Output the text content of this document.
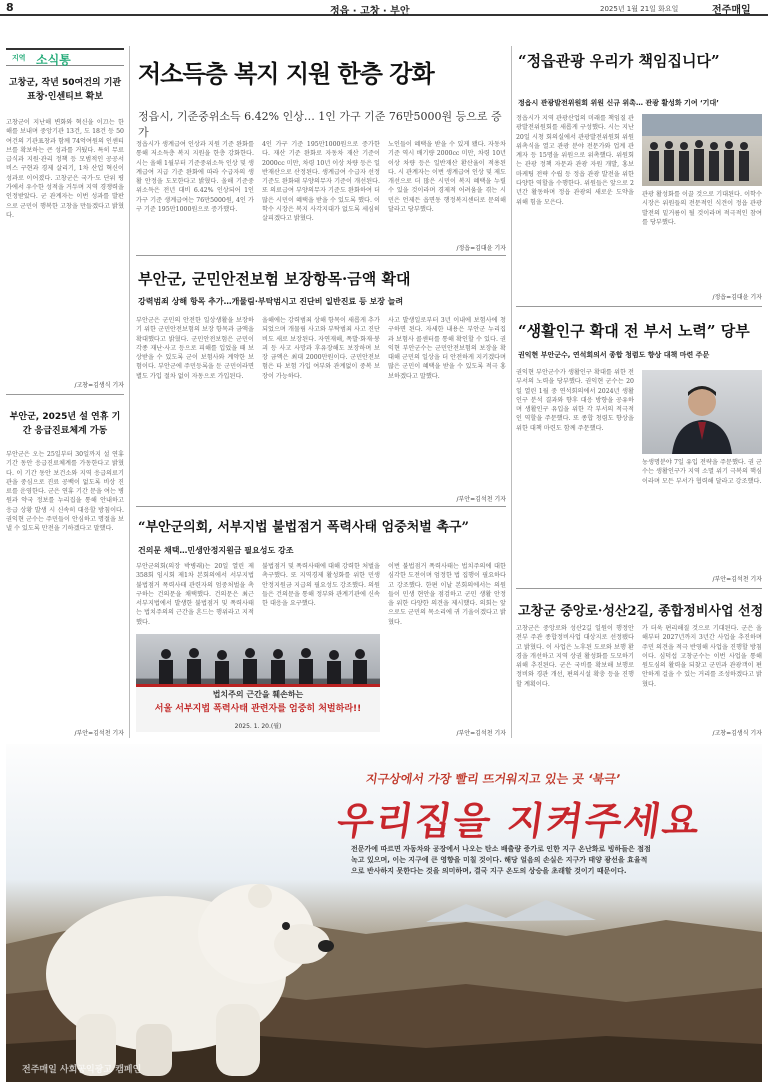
8	정읍 · 고창 · 부안	2025년 1월 21일 화요일	전주매일
지역 소식통
고창군, 작년 50여건의 기관표창·인센티브 확보
고창군이 지난해 변화와 혁신을 이끄는 한 해를 보내며 중앙기관 13건, 도 18건 등 50여건의 기관표창과 함께 74억여원의 인센티브를 확보하는 큰 성과를 거뒀다. 특히 무료급식과 지원·관리 정책 등 모범적인 공공서비스 구현과 경제 살리기, 1차 산업 혁신이 성과로 이어졌다. 고창군은 국가·도 단위 평가에서 우수한 성적을 거두며 지역 경쟁력을 인정받았다. 군 관계자는 이번 성과를 발판으로 군민이 행복한 고창을 만들겠다고 밝혔다.
/고창=김생식 기자
부안군, 2025년 설 연휴 기간 응급진료체계 가동
부안군은 오는 25일부터 30일까지 설 연휴 기간 동안 응급진료체계를 가동한다고 밝혔다. 이 기간 동안 보건소와 지역 응급의료기관을 중심으로 진료 공백이 없도록 비상 진료를 운영한다. 군은 연휴 기간 문을 여는 병원과 약국 정보를 누리집을 통해 안내하고 응급 상황 발생 시 신속히 대응할 방침이다. 권익현 군수는 주민들이 안심하고 명절을 보낼 수 있도록 만전을 기하겠다고 말했다.
/부안=김석천 기자
저소득층 복지 지원 한층 강화
정읍시, 기준중위소득 6.42% 인상… 1인 가구 기준 76만5000원 등으로 증가
정읍시가 생계급여 인상과 지원 기준 완화를 통해 저소득층 복지 지원을 한층 강화한다. 시는 올해 1월부터 기준중위소득 인상 및 생계급여 지급 기준 완화에 따라 수급자의 생활 안정을 도모한다고 밝혔다. 올해 기준중위소득은 전년 대비 6.42% 인상되어 1인 가구 기준 생계급여는 76만5000원, 4인 가구 기준 195만1000원으로 증가했다.
4인 가구 기준 195만1000원으로 증가한다. 재산 기준 완화로 자동차 재산 기준이 2000cc 미만, 차령 10년 이상 차량 등은 일반재산으로 산정된다. 생계급여 수급자 선정 기준도 완화돼 부양의무자 기준이 개선된다. 또 의료급여 부양의무자 기준도 완화하여 더 많은 시민이 혜택을 받을 수 있도록 했다. 이학수 시장은 복지 사각지대가 없도록 세심히 살피겠다고 밝혔다.
노인들이 혜택을 받을 수 있게 됐다. 자동차 기준 역시 배기량 2000cc 미만, 차령 10년 이상 차량 등은 일반재산 환산율이 적용된다. 시 관계자는 이번 생계급여 인상 및 제도 개선으로 더 많은 시민이 복지 혜택을 누릴 수 있을 것이라며 경제적 어려움을 겪는 시민은 언제든 읍면동 행정복지센터로 문의해 달라고 당부했다.
/정읍=김대윤 기자
부안군, 군민안전보험 보장항목·금액 확대
강력범죄 상해 항목 추가…개물림·부탁범시고 진단비 일반진료 등 보장 늘려
부안군은 군민의 안전한 일상생활을 보장하기 위한 군민안전보험의 보장 항목과 금액을 확대했다고 밝혔다. 군민안전보험은 군민이 각종 재난·사고 등으로 피해를 입었을 때 보상받을 수 있도록 군이 보험사와 계약한 보험이다. 부안군에 주민등록을 둔 군민이라면 별도 가입 절차 없이 자동으로 가입된다.
올해에는 강력범죄 상해 항목이 새롭게 추가되었으며 개물림 사고와 부탁범죄 사고 진단비도 새로 보장된다. 자연재해, 폭발·화재·붕괴 등 사고 사망과 후유장해도 보장하며 보장 금액은 최대 2000만원이다. 군민안전보험은 타 보험 가입 여부와 관계없이 중복 보장이 가능하다.
사고 발생일로부터 3년 이내에 보험사에 청구하면 된다. 자세한 내용은 부안군 누리집과 보험사 콜센터를 통해 확인할 수 있다. 권익현 부안군수는 군민안전보험의 보장을 확대해 군민의 일상을 더 안전하게 지키겠다며 많은 군민이 혜택을 받을 수 있도록 적극 홍보하겠다고 말했다.
/부안=김석천 기자
“부안군의회, 서부지법 불법점거 폭력사태 엄중처벌 촉구”
건의문 채택…민생안정지원금 필요성도 강조
부안군의회(의장 박병래)는 20일 열린 제358회 임시회 제1차 본회의에서 서부지법 불법점거 폭력사태 관련자의 엄중처벌을 촉구하는 건의문을 채택했다. 건의문은 최근 서부지법에서 발생한 불법점거 및 폭력사태는 법치주의의 근간을 흔드는 행위라고 지적했다.
불법점거 및 폭력사태에 대해 강력한 처벌을 촉구했다. 또 지역경제 활성화를 위한 민생안정지원금 지급의 필요성도 강조했다. 의원들은 건의문을 통해 정부와 관계기관에 신속한 대응을 요구했다.
이번 불법점거 폭력사태는 법치주의에 대한 심각한 도전이며 엄정한 법 집행이 필요하다고 강조했다. 한편 이날 본회의에서는 의원들이 민생 현안을 점검하고 군민 생활 안정을 위한 다양한 의견을 제시했다. 의회는 앞으로도 군민의 목소리에 귀 기울이겠다고 밝혔다.
/부안=김석천 기자
법치주의 근간을 훼손하는
서울 서부지법 폭력사태 관련자를 엄중히 처벌하라!!
2025. 1. 20.(월)
“정읍관광 우리가 책임집니다”
정읍시 관광발전위원회 위원 신규 위촉… 관광 활성화 기여 ‘기대’
정읍시가 지역 관광산업의 미래를 책임질 관광발전위원회를 새롭게 구성했다. 시는 지난 20일 시청 회의실에서 관광발전위원회 위원 위촉식을 열고 관광 분야 전문가와 업계 관계자 등 15명을 위원으로 위촉했다. 위원회는 관광 정책 자문과 관광 자원 개발, 홍보 마케팅 전략 수립 등 정읍 관광 발전을 위한 다양한 역할을 수행한다. 위원들은 앞으로 2년간 활동하며 정읍 관광의 새로운 도약을 위해 힘을 모은다.
관광 활성화를 이끌 것으로 기대된다. 이학수 시장은 위원들의 전문적인 식견이 정읍 관광 발전의 밑거름이 될 것이라며 적극적인 참여를 당부했다.
/정읍=김대윤 기자
“생활인구 확대 전 부서 노력” 당부
권익현 부안군수, 연석회의서 종합 청렴도 향상 대책 마련 주문
권익현 부안군수가 생활인구 확대를 위한 전 부서의 노력을 당부했다. 권익현 군수는 20일 열린 1월 중 연석회의에서 2024년 생활인구 분석 결과와 향후 대응 방향을 공유하며 생활인구 유입을 위한 각 부서의 적극적인 역할을 주문했다. 또 종합 청렴도 향상을 위한 대책 마련도 함께 주문했다.
농생명분야 7일 유입 전략을 주문했다. 권 군수는 생활인구가 지역 소멸 위기 극복의 핵심이라며 모든 부서가 협력해 달라고 강조했다.
/부안=김석천 기자
고창군 중앙로·성산2길, 종합정비사업 선정
고창군은 중앙로와 성산2길 일원이 행정안전부 주관 종합정비사업 대상지로 선정됐다고 밝혔다. 이 사업은 노후된 도로와 보행 환경을 개선하고 지역 상권 활성화를 도모하기 위해 추진된다. 군은 국비를 확보해 보행로 정비와 경관 개선, 편의시설 확충 등을 진행할 계획이다.
가 더욱 편리해질 것으로 기대된다. 군은 올해부터 2027년까지 3년간 사업을 추진하며 주민 의견을 적극 반영해 사업을 진행할 방침이다. 심덕섭 고창군수는 이번 사업을 통해 원도심의 활력을 되찾고 군민과 관광객이 편안하게 걸을 수 있는 거리를 조성하겠다고 밝혔다.
/고창=김생식 기자
지구상에서 가장 빨리 뜨거워지고 있는 곳 ‘북극’
우리집을 지켜주세요
전문가에 따르면 자동차와 공장에서 나오는 탄소 배출량 증가로 인한 지구 온난화로 빙하들은 점점 녹고 있으며, 이는 지구에 큰 영향을 미칠 것이다. 해당 얼음의 손실은 지구가 태양 광선을 효율적으로 반사하지 못한다는 것을 의미하며, 결국 지구 온도의 상승을 초래할 것이기 때문이다.
전주매일 사회공익광고 캠페인
